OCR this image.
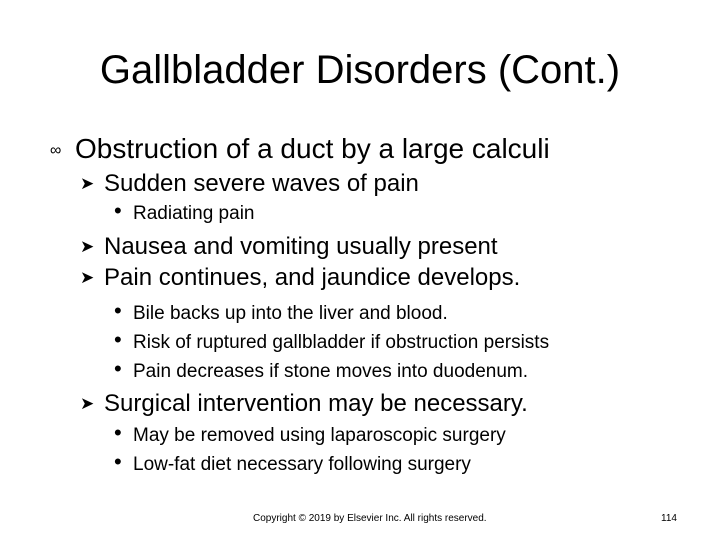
Gallbladder Disorders (Cont.)
∞ Obstruction of a duct by a large calculi
➤ Sudden severe waves of pain
• Radiating pain
➤ Nausea and vomiting usually present
➤ Pain continues, and jaundice develops.
• Bile backs up into the liver and blood.
• Risk of ruptured gallbladder if obstruction persists
• Pain decreases if stone moves into duodenum.
➤ Surgical intervention may be necessary.
• May be removed using laparoscopic surgery
• Low-fat diet necessary following surgery
Copyright © 2019 by Elsevier Inc. All rights reserved.	114
